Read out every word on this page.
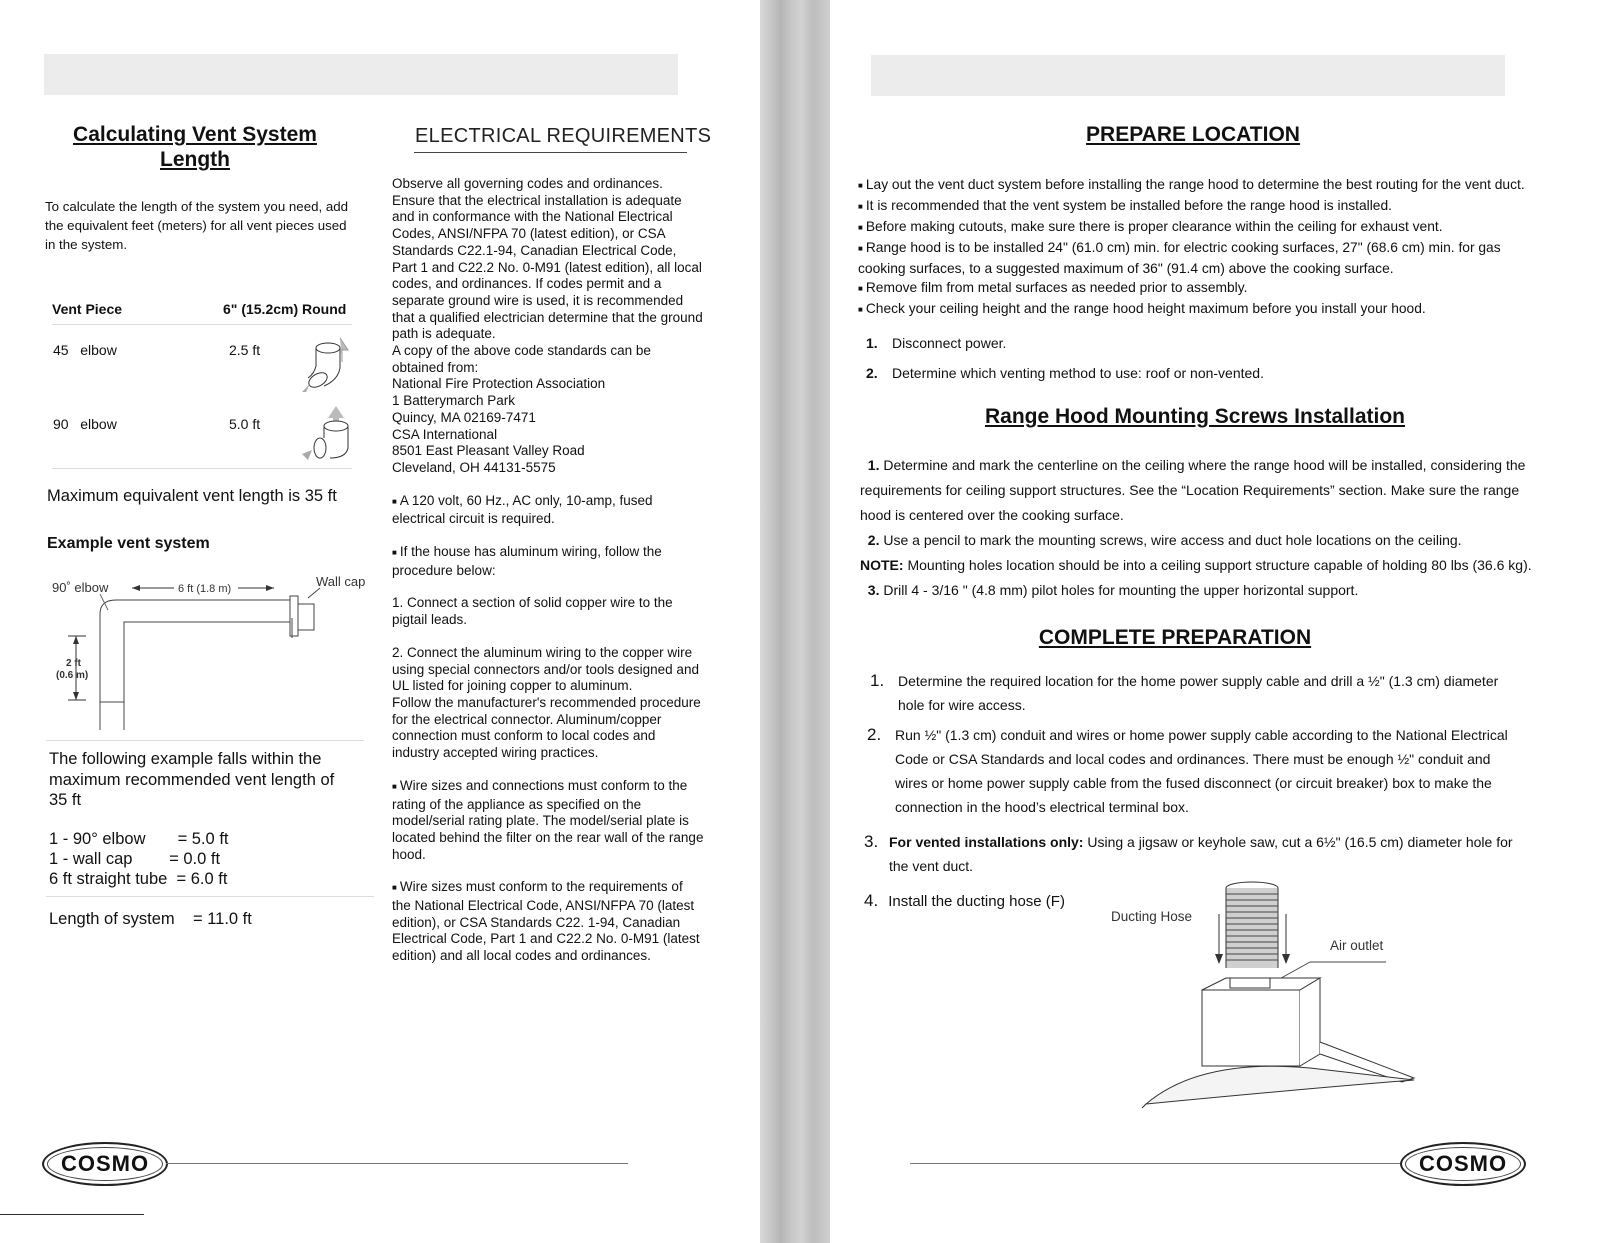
Calculating Vent System Length
To calculate the length of the system you need, add the equivalent feet (meters) for all vent pieces used in the system.
Vent Piece	6" (15.2cm) Round
45   elbow	2.5 ft
90   elbow	5.0 ft
Maximum equivalent vent length is 35 ft
Example vent system
90˚ elbow	6 ft (1.8 m)	Wall cap
2 ft
(0.6 m)
The following example falls within the maximum recommended vent length of 35 ft
1 - 90° elbow       = 5.0 ft
1 - wall cap        = 0.0 ft
6 ft straight tube  = 6.0 ft
Length of system    = 11.0 ft
ELECTRICAL REQUIREMENTS

Observe all governing codes and ordinances. Ensure that the electrical installation is adequate and in conformance with the National Electrical Codes, ANSI/NFPA 70 (latest edition), or CSA Standards C22.1-94, Canadian Electrical Code, Part 1 and C22.2 No. 0-M91 (latest edition), all local codes, and ordinances. If codes permit and a separate ground wire is used, it is recommended that a qualified electrician determine that the ground path is adequate.

A copy of the above code standards can be obtained from:

National Fire Protection Association

1 Batterymarch Park

Quincy, MA 02169-7471

CSA International

8501 East Pleasant Valley Road

Cleveland, OH 44131-5575

■ A 120 volt, 60 Hz., AC only, 10-amp, fused electrical circuit is required.

■ If the house has aluminum wiring, follow the procedure below:

1. Connect a section of solid copper wire to the pigtail leads.

2. Connect the aluminum wiring to the copper wire using special connectors and/or tools designed and UL listed for joining copper to aluminum.

Follow the manufacturer's recommended procedure for the electrical connector. Aluminum/copper connection must conform to local codes and industry accepted wiring practices.

■ Wire sizes and connections must conform to the rating of the appliance as specified on the model/serial rating plate. The model/serial plate is located behind the filter on the rear wall of the range hood.

■ Wire sizes must conform to the requirements of the National Electrical Code, ANSI/NFPA 70 (latest edition), or CSA Standards C22. 1-94, Canadian Electrical Code, Part 1 and C22.2 No. 0-M91 (latest edition) and all local codes and ordinances.

COSMO
PREPARE LOCATION

■ Lay out the vent duct system before installing the range hood to determine the best routing for the vent duct.

■ It is recommended that the vent system be installed before the range hood is installed.

■ Before making cutouts, make sure there is proper clearance within the ceiling for exhaust vent.

■ Range hood is to be installed 24" (61.0 cm) min. for electric cooking surfaces, 27" (68.6 cm) min. for gas cooking surfaces, to a suggested maximum of 36" (91.4 cm) above the cooking surface.

■ Remove film from metal surfaces as needed prior to assembly.

■ Check your ceiling height and the range hood height maximum before you install your hood.

1. Disconnect power.
2. Determine which venting method to use: roof or non-vented.
Range Hood Mounting Screws Installation

1. Determine and mark the centerline on the ceiling where the range hood will be installed, considering the requirements for ceiling support structures. See the “Location Requirements” section. Make sure the range hood is centered over the cooking surface.

2. Use a pencil to mark the mounting screws, wire access and duct hole locations on the ceiling.

NOTE: Mounting holes location should be into a ceiling support structure capable of holding 80 lbs (36.6 kg).

3. Drill 4 - 3/16 " (4.8 mm) pilot holes for mounting the upper horizontal support.

COMPLETE PREPARATION
1. Determine the required location for the home power supply cable and drill a ½" (1.3 cm) diameter hole for wire access.
2. Run ½" (1.3 cm) conduit and wires or home power supply cable according to the National Electrical Code or CSA Standards and local codes and ordinances. There must be enough ½" conduit and wires or home power supply cable from the fused disconnect (or circuit breaker) box to make the connection in the hood’s electrical terminal box.
3. For vented installations only: Using a jigsaw or keyhole saw, cut a 6½" (16.5 cm) diameter hole for the vent duct.
4. Install the ducting hose (F)
Ducting Hose
Air outlet
COSMO
